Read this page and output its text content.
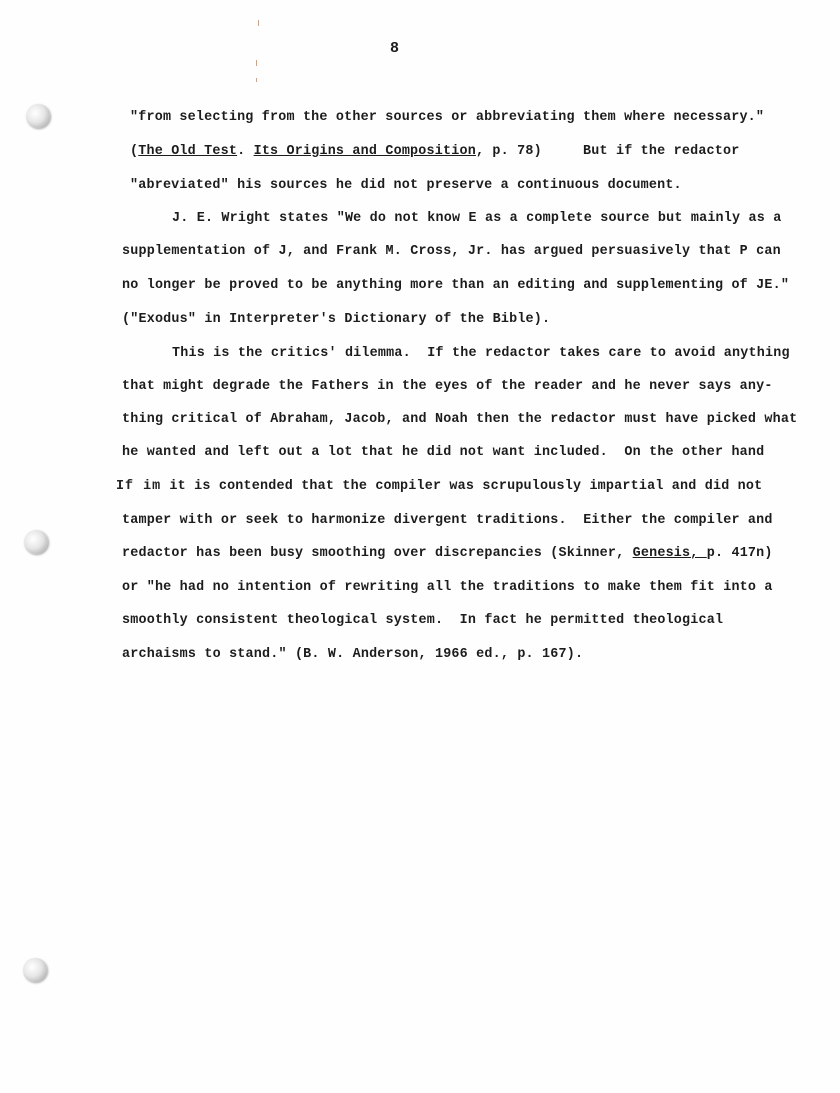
8
"from selecting from the other sources or abbreviating them where necessary."
(The Old Test. Its Origins and Composition, p. 78)     But if the redactor
"abreviated" his sources he did not preserve a continuous document.
J. E. Wright states "We do not know E as a complete source but mainly as a
supplementation of J, and Frank M. Cross, Jr. has argued persuasively that P can
no longer be proved to be anything more than an editing and supplementing of JE."
("Exodus" in Interpreter's Dictionary of the Bible).
This is the critics' dilemma.  If the redactor takes care to avoid anything
that might degrade the Fathers in the eyes of the reader and he never says any-
thing critical of Abraham, Jacob, and Noah then the redactor must have picked what
he wanted and left out a lot that he did not want included.  On the other hand
If im it is contended that the compiler was scrupulously impartial and did not
tamper with or seek to harmonize divergent traditions.  Either the compiler and
redactor has been busy smoothing over discrepancies (Skinner, Genesis, p. 417n)
or "he had no intention of rewriting all the traditions to make them fit into a
smoothly consistent theological system.  In fact he permitted theological
archaisms to stand." (B. W. Anderson, 1966 ed., p. 167).
